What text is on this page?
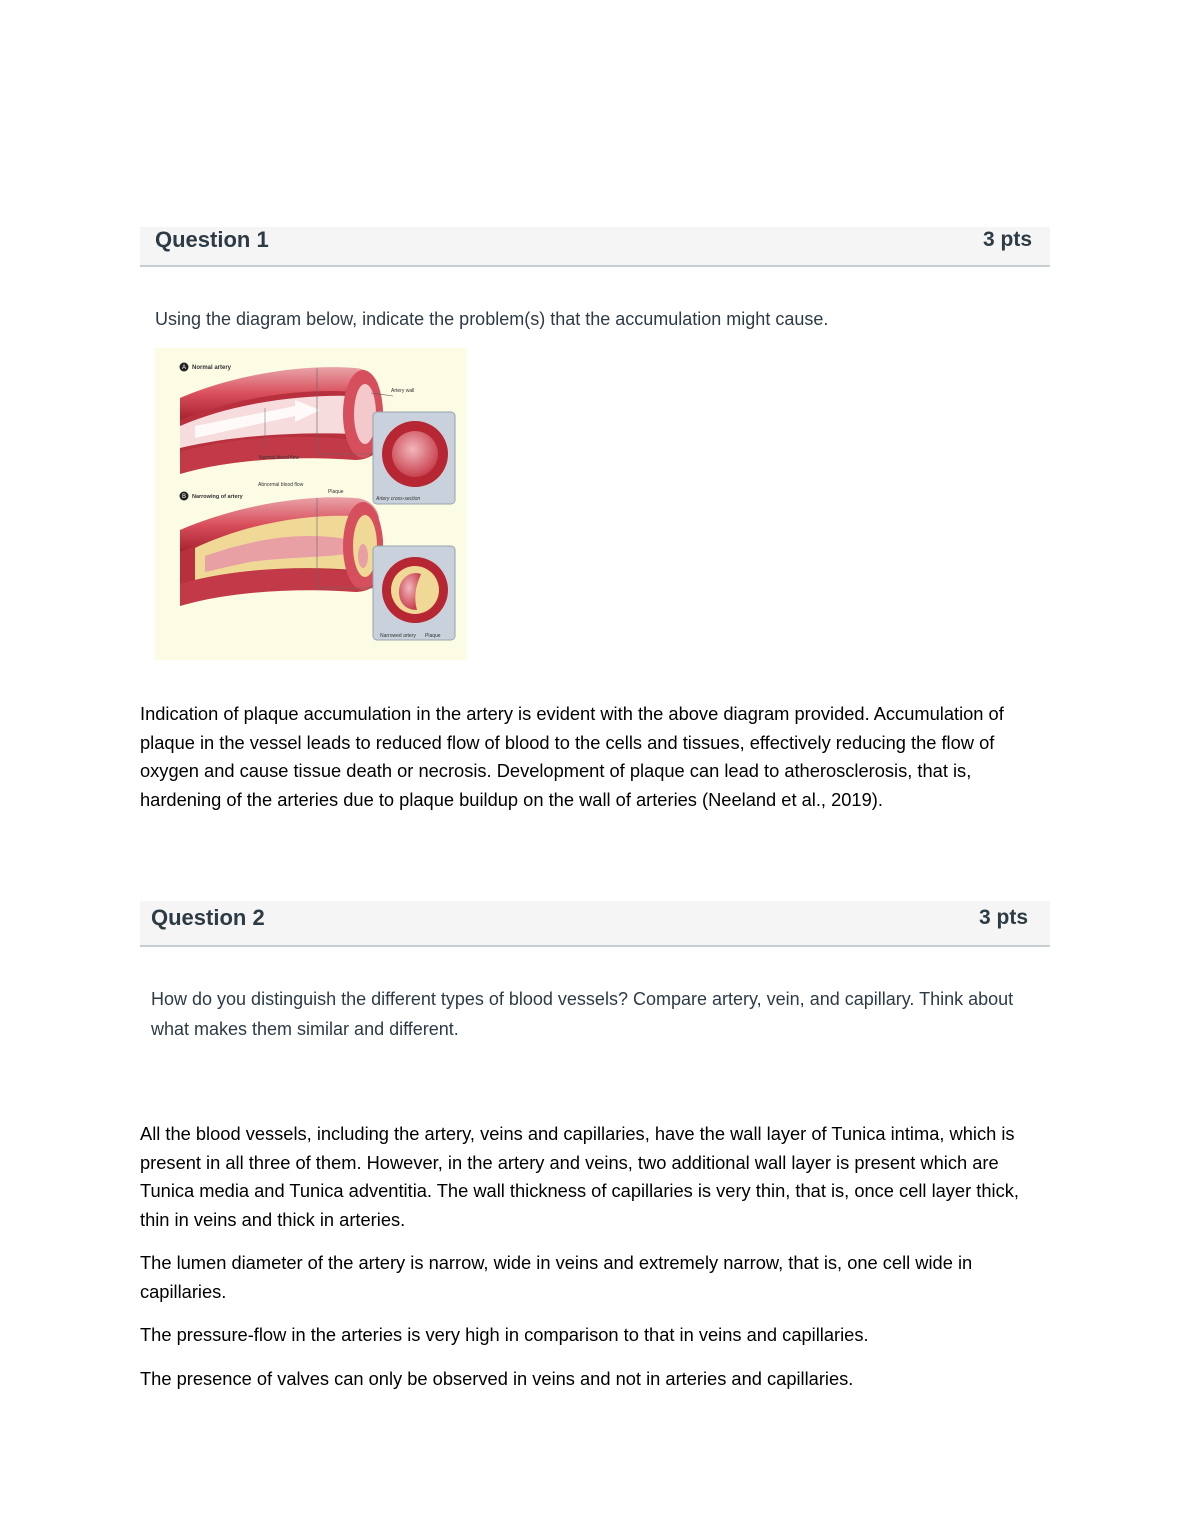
Question 1	3 pts
Using the diagram below, indicate the problem(s) that the accumulation might cause.
A Normal artery
Artery wall
Artery cross-section
Normal blood flow
Abnormal blood flow
Plaque
B Narrowing of artery
Narrowed artery Plaque

Indication of plaque accumulation in the artery is evident with the above diagram provided. Accumulation of plaque in the vessel leads to reduced flow of blood to the cells and tissues, effectively reducing the flow of oxygen and cause tissue death or necrosis. Development of plaque can lead to atherosclerosis, that is, hardening of the arteries due to plaque buildup on the wall of arteries (Neeland et al., 2019).

Question 2	3 pts
How do you distinguish the different types of blood vessels? Compare artery, vein, and capillary. Think about what makes them similar and different.

All the blood vessels, including the artery, veins and capillaries, have the wall layer of Tunica intima, which is present in all three of them. However, in the artery and veins, two additional wall layer is present which are Tunica media and Tunica adventitia. The wall thickness of capillaries is very thin, that is, once cell layer thick, thin in veins and thick in arteries.

The lumen diameter of the artery is narrow, wide in veins and extremely narrow, that is, one cell wide in capillaries.

The pressure-flow in the arteries is very high in comparison to that in veins and capillaries.

The presence of valves can only be observed in veins and not in arteries and capillaries.
